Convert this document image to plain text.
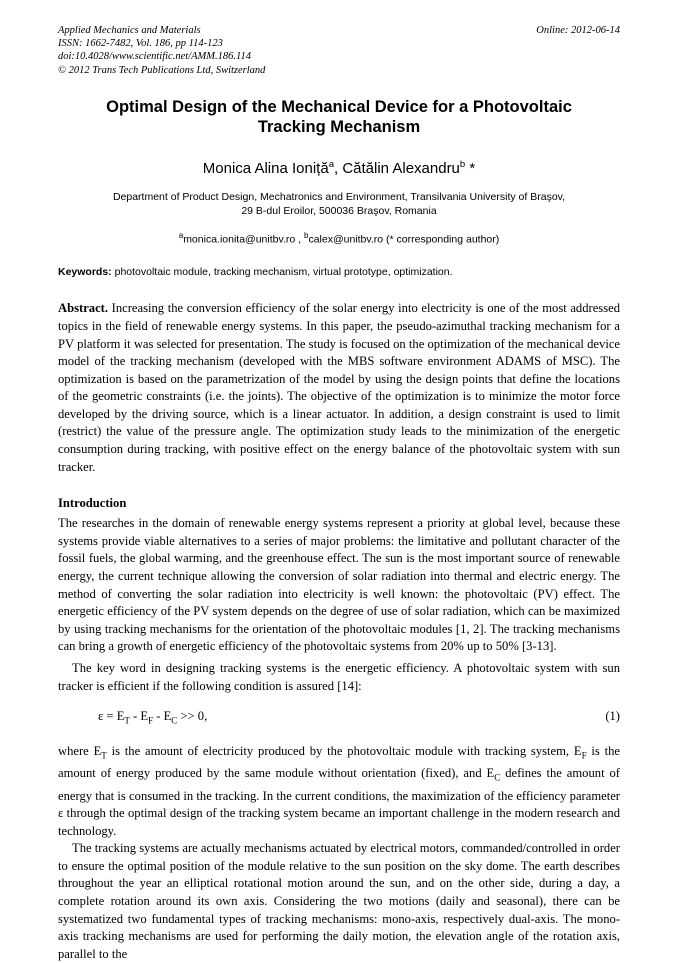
Applied Mechanics and Materials
ISSN: 1662-7482, Vol. 186, pp 114-123
doi:10.4028/www.scientific.net/AMM.186.114
© 2012 Trans Tech Publications Ltd, Switzerland
Online: 2012-06-14
Optimal Design of the Mechanical Device for a Photovoltaic Tracking Mechanism
Monica Alina Ioniță$^a$, Cătălin Alexandru$^b$ *
Department of Product Design, Mechatronics and Environment, Transilvania University of Braşov,
29 B-dul Eroilor, 500036 Braşov, Romania
$^a$monica.ionita@unitbv.ro , $^b$calex@unitbv.ro (* corresponding author)
Keywords: photovoltaic module, tracking mechanism, virtual prototype, optimization.
Abstract. Increasing the conversion efficiency of the solar energy into electricity is one of the most addressed topics in the field of renewable energy systems. In this paper, the pseudo-azimuthal tracking mechanism for a PV platform it was selected for presentation. The study is focused on the optimization of the mechanical device model of the tracking mechanism (developed with the MBS software environment ADAMS of MSC). The optimization is based on the parametrization of the model by using the design points that define the locations of the geometric constraints (i.e. the joints). The objective of the optimization is to minimize the motor force developed by the driving source, which is a linear actuator. In addition, a design constraint is used to limit (restrict) the value of the pressure angle. The optimization study leads to the minimization of the energetic consumption during tracking, with positive effect on the energy balance of the photovoltaic system with sun tracker.
Introduction
The researches in the domain of renewable energy systems represent a priority at global level, because these systems provide viable alternatives to a series of major problems: the limitative and pollutant character of the fossil fuels, the global warming, and the greenhouse effect. The sun is the most important source of renewable energy, the current technique allowing the conversion of solar radiation into thermal and electric energy. The method of converting the solar radiation into electricity is well known: the photovoltaic (PV) effect. The energetic efficiency of the PV system depends on the degree of use of solar radiation, which can be maximized by using tracking mechanisms for the orientation of the photovoltaic modules [1, 2]. The tracking mechanisms can bring a growth of energetic efficiency of the photovoltaic systems from 20% up to 50% [3-13].
The key word in designing tracking systems is the energetic efficiency. A photovoltaic system with sun tracker is efficient if the following condition is assured [14]:
$\varepsilon = E_T - E_F - E_C >> 0$,	(1)
where $E_T$ is the amount of electricity produced by the photovoltaic module with tracking system, $E_F$ is the amount of energy produced by the same module without orientation (fixed), and $E_C$ defines the amount of energy that is consumed in the tracking. In the current conditions, the maximization of the efficiency parameter ε through the optimal design of the tracking system became an important challenge in the modern research and technology.
The tracking systems are actually mechanisms actuated by electrical motors, commanded/controlled in order to ensure the optimal position of the module relative to the sun position on the sky dome. The earth describes throughout the year an elliptical rotational motion around the sun, and on the other side, during a day, a complete rotation around its own axis. Considering the two motions (daily and seasonal), there can be systematized two fundamental types of tracking mechanisms: mono-axis, respectively dual-axis. The mono-axis tracking mechanisms are used for performing the daily motion, the elevation angle of the rotation axis, parallel to the
